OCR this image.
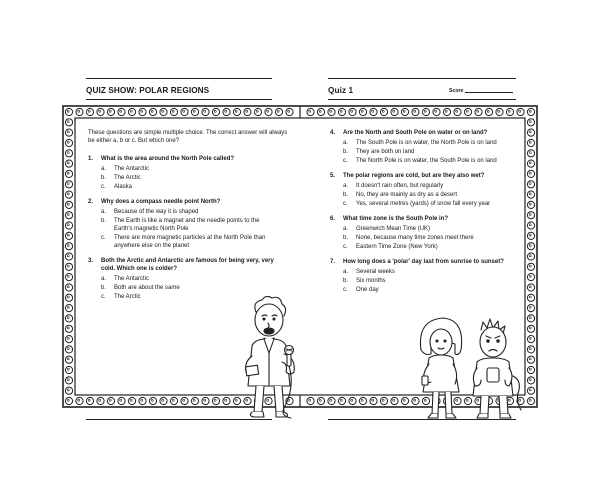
QUIZ SHOW: POLAR REGIONS	Quiz 1	Score

These questions are simple multiple choice. The correct answer will always be either a, b or c. But which one?

1.	What is the area around the North Pole called?
a.	The Antarctic
b.	The Arctic
c.	Alaska
2.	Why does a compass needle point North?
a.	Because of the way it is shaped
b.	The Earth is like a magnet and the needle points to the Earth's magnetic North Pole
c.	There are more magnetic particles at the North Pole than anywhere else on the planet
3.	Both the Arctic and Antarctic are famous for being very, very cold. Which one is colder?
a.	The Antarctic
b.	Both are about the same
c.	The Arctic
4.	Are the North and South Pole on water or on land?
a.	The South Pole is on water, the North Pole is on land
b.	They are both on land
c.	The North Pole is on water, the South Pole is on land
5.	The polar regions are cold, but are they also wet?
a.	It doesn't rain often, but regularly
b.	No, they are mainly as dry as a desert
c.	Yes, several metres (yards) of snow fall every year
6.	What time zone is the South Pole in?
a.	Greenwich Mean Time (UK)
b.	None, because many time zones meet there
c.	Eastern Time Zone (New York)
7.	How long does a 'polar' day last from sunrise to sunset?
a.	Several weeks
b.	Six months
c.	One day
